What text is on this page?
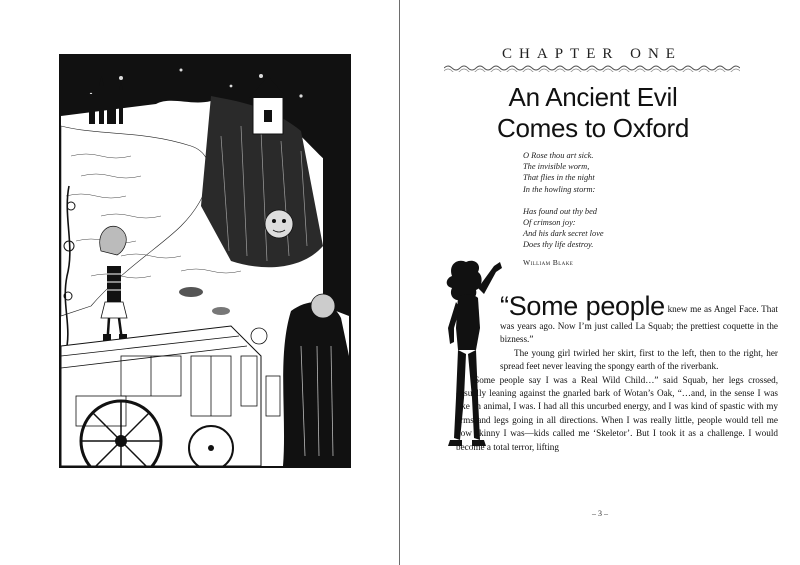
CHAPTER ONE
An Ancient Evil
Comes to Oxford
O Rose thou art sick.
The invisible worm,
That flies in the night
In the howling storm:
Has found out thy bed
Of crimson joy:
And his dark secret love
Does thy life destroy.
William Blake

“Some people knew me as Angel Face. That was years ago. Now I’m just called La Squab; the prettiest coquette in the bizness.”

The young girl twirled her skirt, first to the left, then to the right, her spread feet never leaving the spongy earth of the riverbank.

“Some people say I was a Real Wild Child…” said Squab, her legs crossed, casually leaning against the gnarled bark of Wotan’s Oak, “…and, in the sense I was like an animal, I was. I had all this uncurbed energy, and I was kind of spastic with my arms and legs going in all directions. When I was really little, people would tell me how skinny I was—kids called me ‘Skeletor’. But I took it as a challenge. I would become a total terror, lifting

– 3 –
